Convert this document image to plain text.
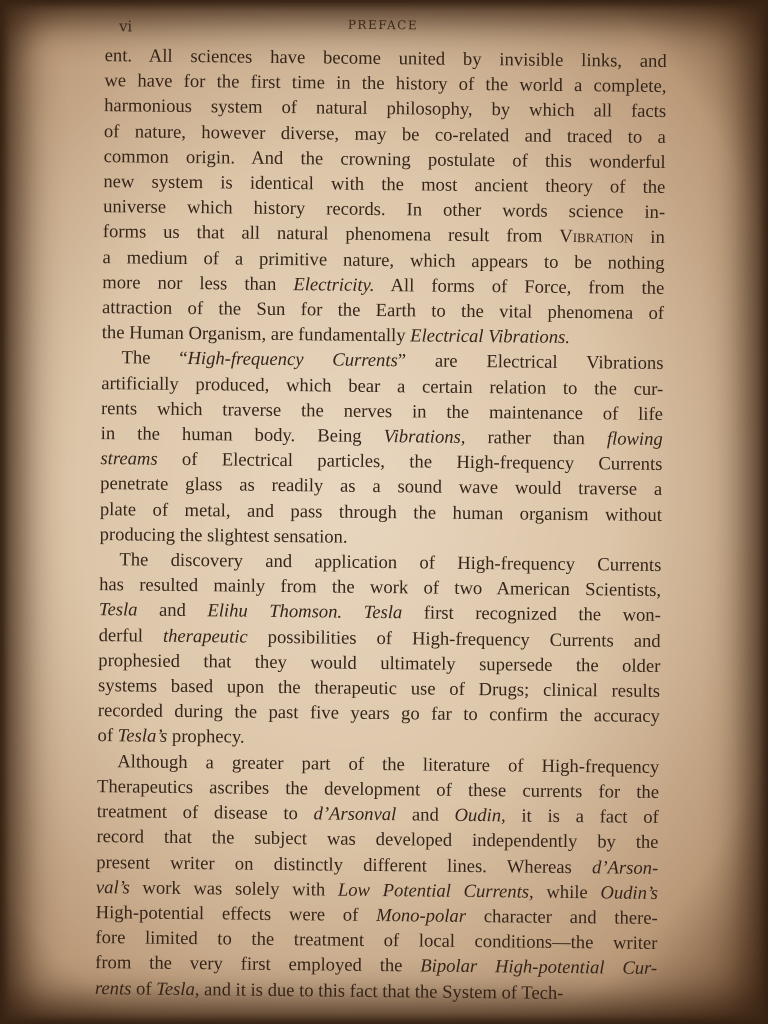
vi	PREFACE
ent. All sciences have become united by invisible links, and
we have for the first time in the history of the world a complete,
harmonious system of natural philosophy, by which all facts
of nature, however diverse, may be co-related and traced to a
common origin. And the crowning postulate of this wonderful
new system is identical with the most ancient theory of the
universe which history records. In other words science in-
forms us that all natural phenomena result from Vibration in
a medium of a primitive nature, which appears to be nothing
more nor less than Electricity. All forms of Force, from the
attraction of the Sun for the Earth to the vital phenomena of
the Human Organism, are fundamentally Electrical Vibrations.
The “High-frequency Currents” are Electrical Vibrations
artificially produced, which bear a certain relation to the cur-
rents which traverse the nerves in the maintenance of life
in the human body. Being Vibrations, rather than flowing
streams of Electrical particles, the High-frequency Currents
penetrate glass as readily as a sound wave would traverse a
plate of metal, and pass through the human organism without
producing the slightest sensation.
The discovery and application of High-frequency Currents
has resulted mainly from the work of two American Scientists,
Tesla and Elihu Thomson. Tesla first recognized the won-
derful therapeutic possibilities of High-frequency Currents and
prophesied that they would ultimately supersede the older
systems based upon the therapeutic use of Drugs; clinical results
recorded during the past five years go far to confirm the accuracy
of Tesla’s prophecy.
Although a greater part of the literature of High-frequency
Therapeutics ascribes the development of these currents for the
treatment of disease to d’Arsonval and Oudin, it is a fact of
record that the subject was developed independently by the
present writer on distinctly different lines. Whereas d’Arson-
val’s work was solely with Low Potential Currents, while Oudin’s
High-potential effects were of Mono-polar character and there-
fore limited to the treatment of local conditions—the writer
from the very first employed the Bipolar High-potential Cur-
rents of Tesla, and it is due to this fact that the System of Tech-
